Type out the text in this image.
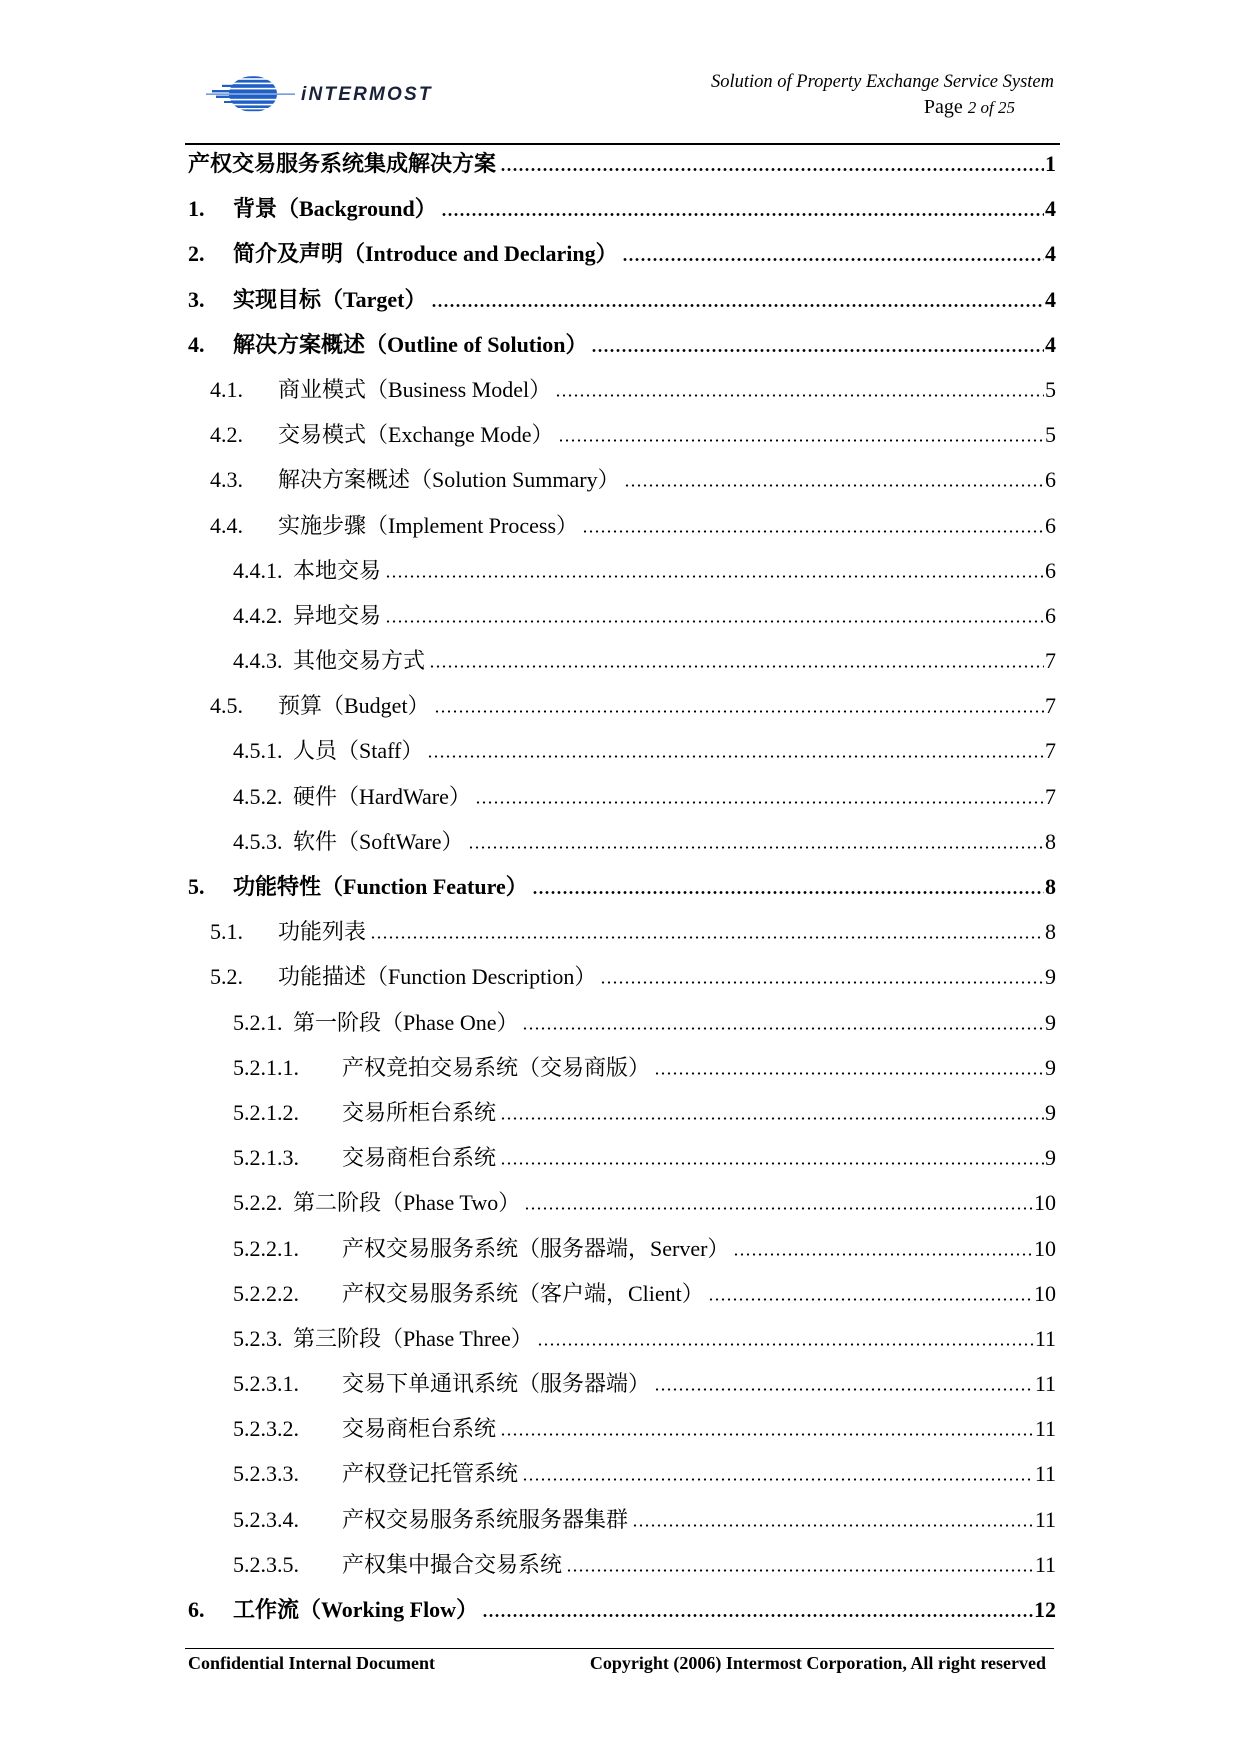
iNTERMOST
Solution of Property Exchange Service System
Page 2 of 25
产权交易服务系统集成解决方案	1
1.	背景（Background）	4
2.	简介及声明（Introduce and Declaring）	4
3.	实现目标（Target）	4
4.	解决方案概述（Outline of Solution）	4
4.1.	商业模式（Business Model）	5
4.2.	交易模式（Exchange Mode）	5
4.3.	解决方案概述（Solution Summary）	6
4.4.	实施步骤（Implement Process）	6
4.4.1. 本地交易	6
4.4.2. 异地交易	6
4.4.3. 其他交易方式	7
4.5.	预算（Budget）	7
4.5.1. 人员（Staff）	7
4.5.2. 硬件（HardWare）	7
4.5.3. 软件（SoftWare）	8
5.	功能特性（Function Feature）	8
5.1.	功能列表	8
5.2.	功能描述（Function Description）	9
5.2.1. 第一阶段（Phase One）	9
5.2.1.1.	产权竞拍交易系统（交易商版）	9
5.2.1.2.	交易所柜台系统	9
5.2.1.3.	交易商柜台系统	9
5.2.2. 第二阶段（Phase Two）	10
5.2.2.1.	产权交易服务系统（服务器端，Server）	10
5.2.2.2.	产权交易服务系统（客户端，Client）	10
5.2.3. 第三阶段（Phase Three）	11
5.2.3.1.	交易下单通讯系统（服务器端）	11
5.2.3.2.	交易商柜台系统	11
5.2.3.3.	产权登记托管系统	11
5.2.3.4.	产权交易服务系统服务器集群	11
5.2.3.5.	产权集中撮合交易系统	11
6.	工作流（Working Flow）	12
Confidential Internal Document	Copyright (2006) Intermost Corporation, All right reserved
